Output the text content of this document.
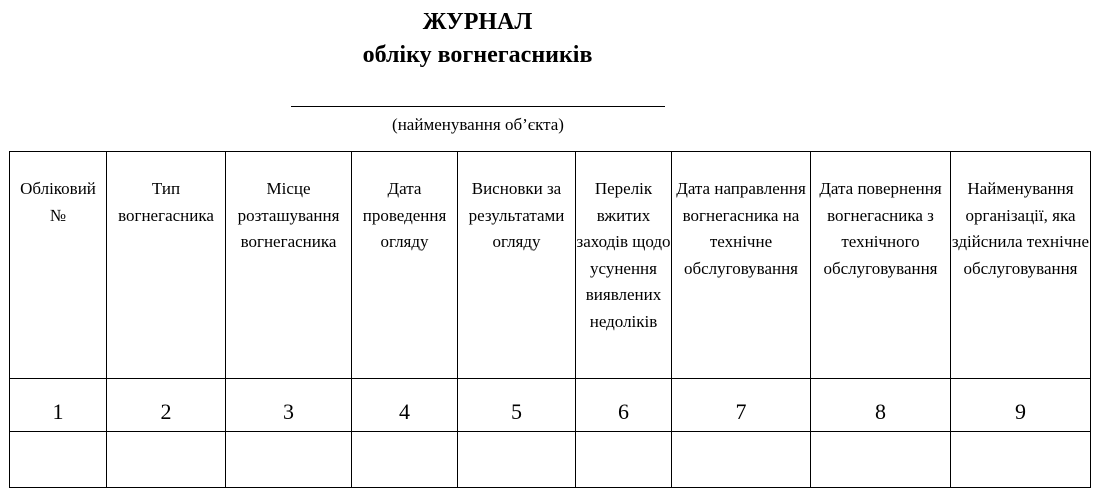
ЖУРНАЛ
обліку вогнегасників
(найменування об’єкта)
Обліковий №	Тип вогнегасника	Місце розташування вогнегасника	Дата проведення огляду	Висновки за результатами огляду	Перелік вжитих заходів щодо усунення виявлених недоліків	Дата направлення вогнегасника на технічне обслуговування	Дата повернення вогнегасника з технічного обслуговування	Найменування організації, яка здійснила технічне обслуговування
1	2	3	4	5	6	7	8	9
